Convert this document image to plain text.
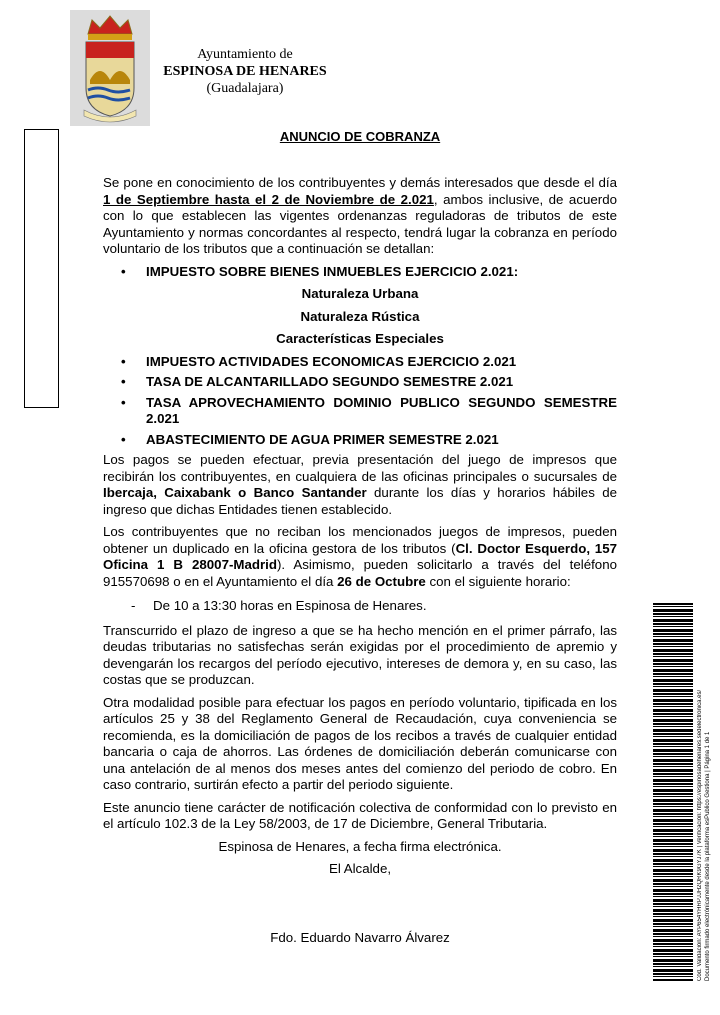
Ayuntamiento de
ESPINOSA DE HENARES
(Guadalajara)
ANUNCIO DE COBRANZA

Se pone en conocimiento de los contribuyentes y demás interesados que desde el día 1 de Septiembre hasta el 2 de Noviembre de 2.021, ambos inclusive, de acuerdo con lo que establecen las vigentes ordenanzas reguladoras de tributos de este Ayuntamiento y normas concordantes al respecto, tendrá lugar la cobranza en período voluntario de los tributos que a continuación se detallan:

• IMPUESTO SOBRE BIENES INMUEBLES EJERCICIO 2.021:
Naturaleza Urbana
Naturaleza Rústica
Características Especiales
• IMPUESTO ACTIVIDADES ECONOMICAS EJERCICIO 2.021
• TASA DE ALCANTARILLADO SEGUNDO SEMESTRE 2.021
• TASA APROVECHAMIENTO DOMINIO PUBLICO SEGUNDO SEMESTRE 2.021
• ABASTECIMIENTO DE AGUA PRIMER SEMESTRE 2.021

Los pagos se pueden efectuar, previa presentación del juego de impresos que recibirán los contribuyentes, en cualquiera de las oficinas principales o sucursales de Ibercaja, Caixabank o Banco Santander durante los días y horarios hábiles de ingreso que dichas Entidades tienen establecido.

Los contribuyentes que no reciban los mencionados juegos de impresos, pueden obtener un duplicado en la oficina gestora de los tributos (Cl. Doctor Esquerdo, 157 Oficina 1 B 28007-Madrid). Asimismo, pueden solicitarlo a través del teléfono 915570698 o en el Ayuntamiento el día 26 de Octubre con el siguiente horario:

- De 10 a 13:30 horas en Espinosa de Henares.

Transcurrido el plazo de ingreso a que se ha hecho mención en el primer párrafo, las deudas tributarias no satisfechas serán exigidas por el procedimiento de apremio y devengarán los recargos del período ejecutivo, intereses de demora y, en su caso, las costas que se produzcan.

Otra modalidad posible para efectuar los pagos en período voluntario, tipificada en los artículos 25 y 38 del Reglamento General de Recaudación, cuya conveniencia se recomienda, es la domiciliación de pagos de los recibos a través de cualquier entidad bancaria o caja de ahorros. Las órdenes de domiciliación deberán comunicarse con una antelación de al menos dos meses antes del comienzo del periodo de cobro. En caso contrario, surtirán efecto a partir del periodo siguiente.

Este anuncio tiene carácter de notificación colectiva de conformidad con lo previsto en el artículo 102.3 de la Ley 58/2003, de 17 de Diciembre, General Tributaria.

Espinosa de Henares, a fecha firma electrónica.
El Alcalde,
Fdo. Eduardo Navarro Álvarez	Cód. Validación: AYP654YHRPJJH2QRK9GYJ7K | Verificación: https://espinosadehenares.sedelectronica.es/ Documento firmado electrónicamente desde la plataforma esPublico Gestiona | Página 1 de 1
